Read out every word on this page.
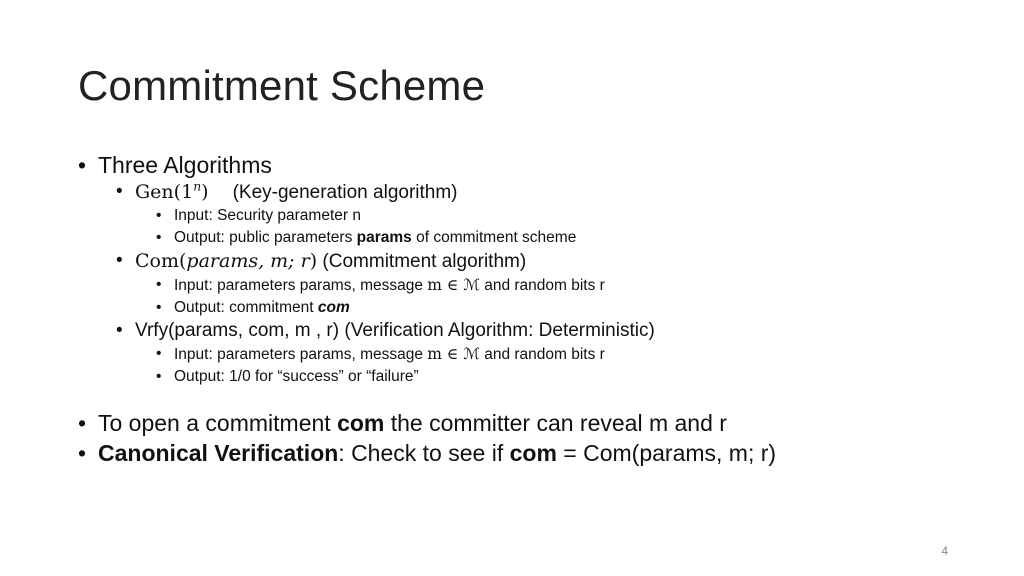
Commitment Scheme
• Three Algorithms
• Gen(1$^n$) (Key-generation algorithm)
• Input: Security parameter n
• Output: public parameters params of commitment scheme
• Com(params, m; r) (Commitment algorithm)
• Input: parameters params, message m ∈ ℳ and random bits r
• Output: commitment com
• Vrfy(params, com, m , r) (Verification Algorithm: Deterministic)
• Input: parameters params, message m ∈ ℳ and random bits r
• Output: 1/0 for “success” or “failure”
• To open a commitment com the committer can reveal m and r
• Canonical Verification: Check to see if com = Com(params, m; r)
4
